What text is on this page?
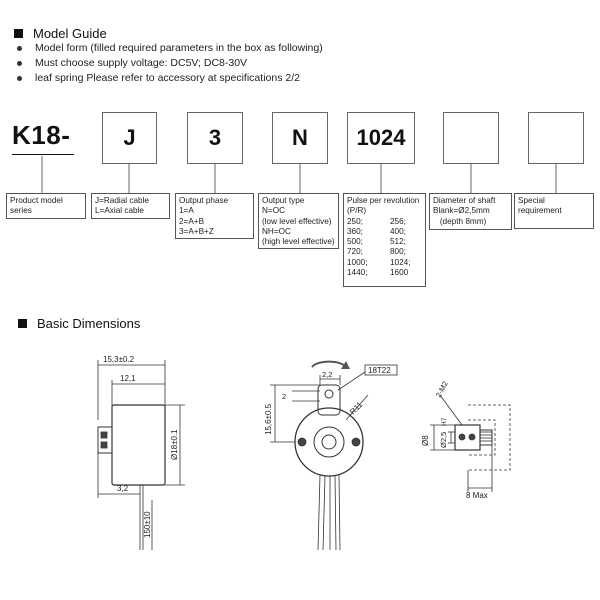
Model Guide
Model form (filled required parameters in the box as following)
Must choose supply voltage: DC5V; DC8-30V
leaf spring Please refer to accessory at specifications 2/2
K18-	J	3	N	1024
Product model
series
J=Radial cable
L=Axial cable
Output phase
1=A
2=A+B
3=A+B+Z
Output type
N=OC
(low level effective)
NH=OC
(high level effective)
Pulse per revolution
(P/R)
250;	256;
360;	400;
500;	512;
720;	800;
1000;	1024;
1440;	1600
Diameter of shaft
Blank=Ø2,5mm
(depth 8mm)
Special
requirement
Basic Dimensions
15,3±0.2
12,1
Ø18±0.1
3,2
150±10
18T22
2,2
2
R11
15,6±0.5
2-M2
Ø8 Ø2,5
H7
8 Max
